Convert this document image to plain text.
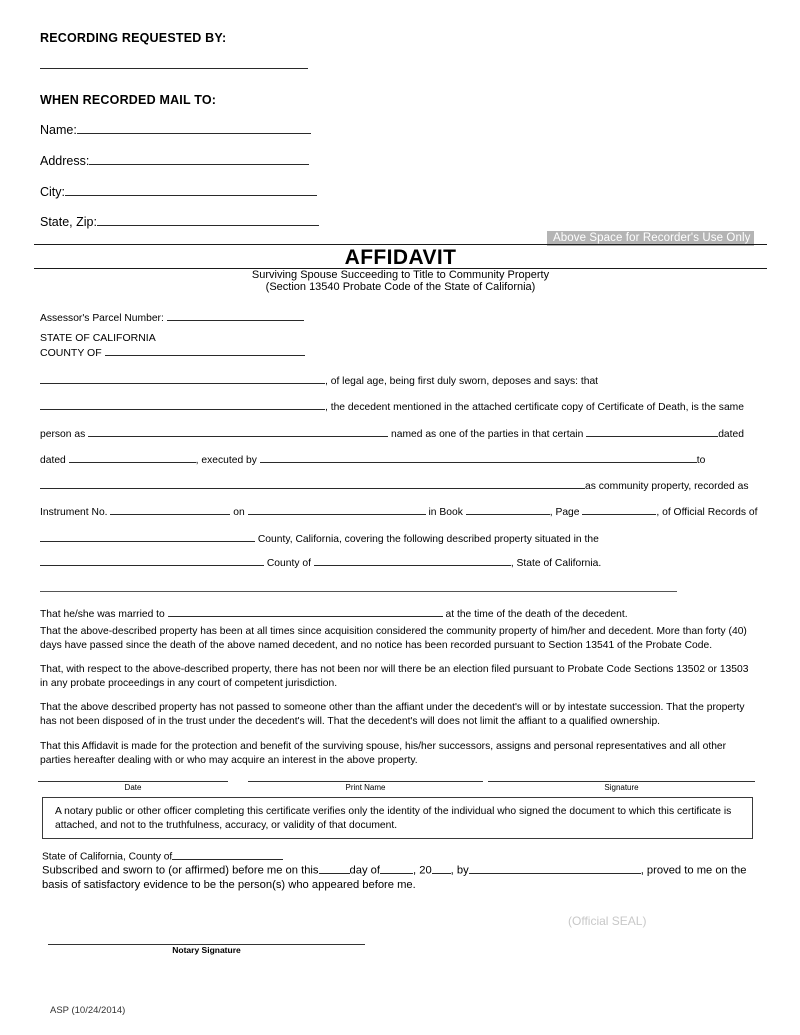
RECORDING REQUESTED BY:
WHEN RECORDED MAIL TO:
Name:
Address:
City:
State, Zip:
Above Space for Recorder's Use Only
AFFIDAVIT
Surviving Spouse Succeeding to Title to Community Property
(Section 13540 Probate Code of the State of California)
Assessor's Parcel Number:
STATE OF CALIFORNIA
COUNTY OF
, of legal age, being first duly sworn, deposes and says: that
, the decedent mentioned in the attached certificate copy of Certificate of Death, is the same
person as	named as one of the parties in that certain	dated
dated	, executed by	to
as community property, recorded as
Instrument No.	on	in Book	, Page	, of Official Records of
County, California, covering the following described property situated in the
County of	, State of California.
That he/she was married to	at the time of the death of the decedent.
That the above-described property has been at all times since acquisition considered the community property of him/her and decedent. More than forty (40) days have passed since the death of the above named decedent, and no notice has been recorded pursuant to Section 13541 of the Probate Code.
That, with respect to the above-described property, there has not been nor will there be an election filed pursuant to Probate Code Sections 13502 or 13503 in any probate proceedings in any court of competent jurisdiction.
That the above described property has not passed to someone other than the affiant under the decedent's will or by intestate succession. That the property has not been disposed of in the trust under the decedent's will. That the decedent's will does not limit the affiant to a qualified ownership.
That this Affidavit is made for the protection and benefit of the surviving spouse, his/her successors, assigns and personal representatives and all other parties hereafter dealing with or who may acquire an interest in the above property.
Date	Print Name	Signature

A notary public or other officer completing this certificate verifies only the identity of the individual who signed the document to which this certificate is attached, and not to the truthfulness, accuracy, or validity of that document.

State of California, County of
Subscribed and sworn to (or affirmed) before me on this	day of	, 20 , by	, proved to me on the
basis of satisfactory evidence to be the person(s) who appeared before me.
(Official SEAL)
Notary Signature
ASP (10/24/2014)
